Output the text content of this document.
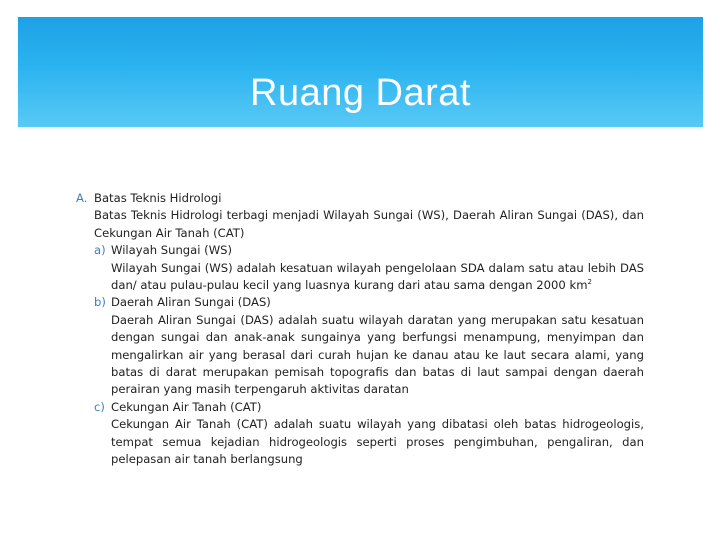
Ruang Darat
A. Batas Teknis Hidrologi
Batas Teknis Hidrologi terbagi menjadi Wilayah Sungai (WS), Daerah Aliran Sungai (DAS), dan Cekungan Air Tanah (CAT)
a) Wilayah Sungai (WS)
Wilayah Sungai (WS) adalah kesatuan wilayah pengelolaan SDA dalam satu atau lebih DAS dan/ atau pulau-pulau kecil yang luasnya kurang dari atau sama dengan 2000 $km^2$
b) Daerah Aliran Sungai (DAS)
Daerah Aliran Sungai (DAS) adalah suatu wilayah daratan yang merupakan satu kesatuan dengan sungai dan anak-anak sungainya yang berfungsi menampung, menyimpan dan mengalirkan air yang berasal dari curah hujan ke danau atau ke laut secara alami, yang batas di darat merupakan pemisah topografis dan batas di laut sampai dengan daerah perairan yang masih terpengaruh aktivitas daratan
c) Cekungan Air Tanah (CAT)
Cekungan Air Tanah (CAT) adalah suatu wilayah yang dibatasi oleh batas hidrogeologis, tempat semua kejadian hidrogeologis seperti proses pengimbuhan, pengaliran, dan pelepasan air tanah berlangsung
